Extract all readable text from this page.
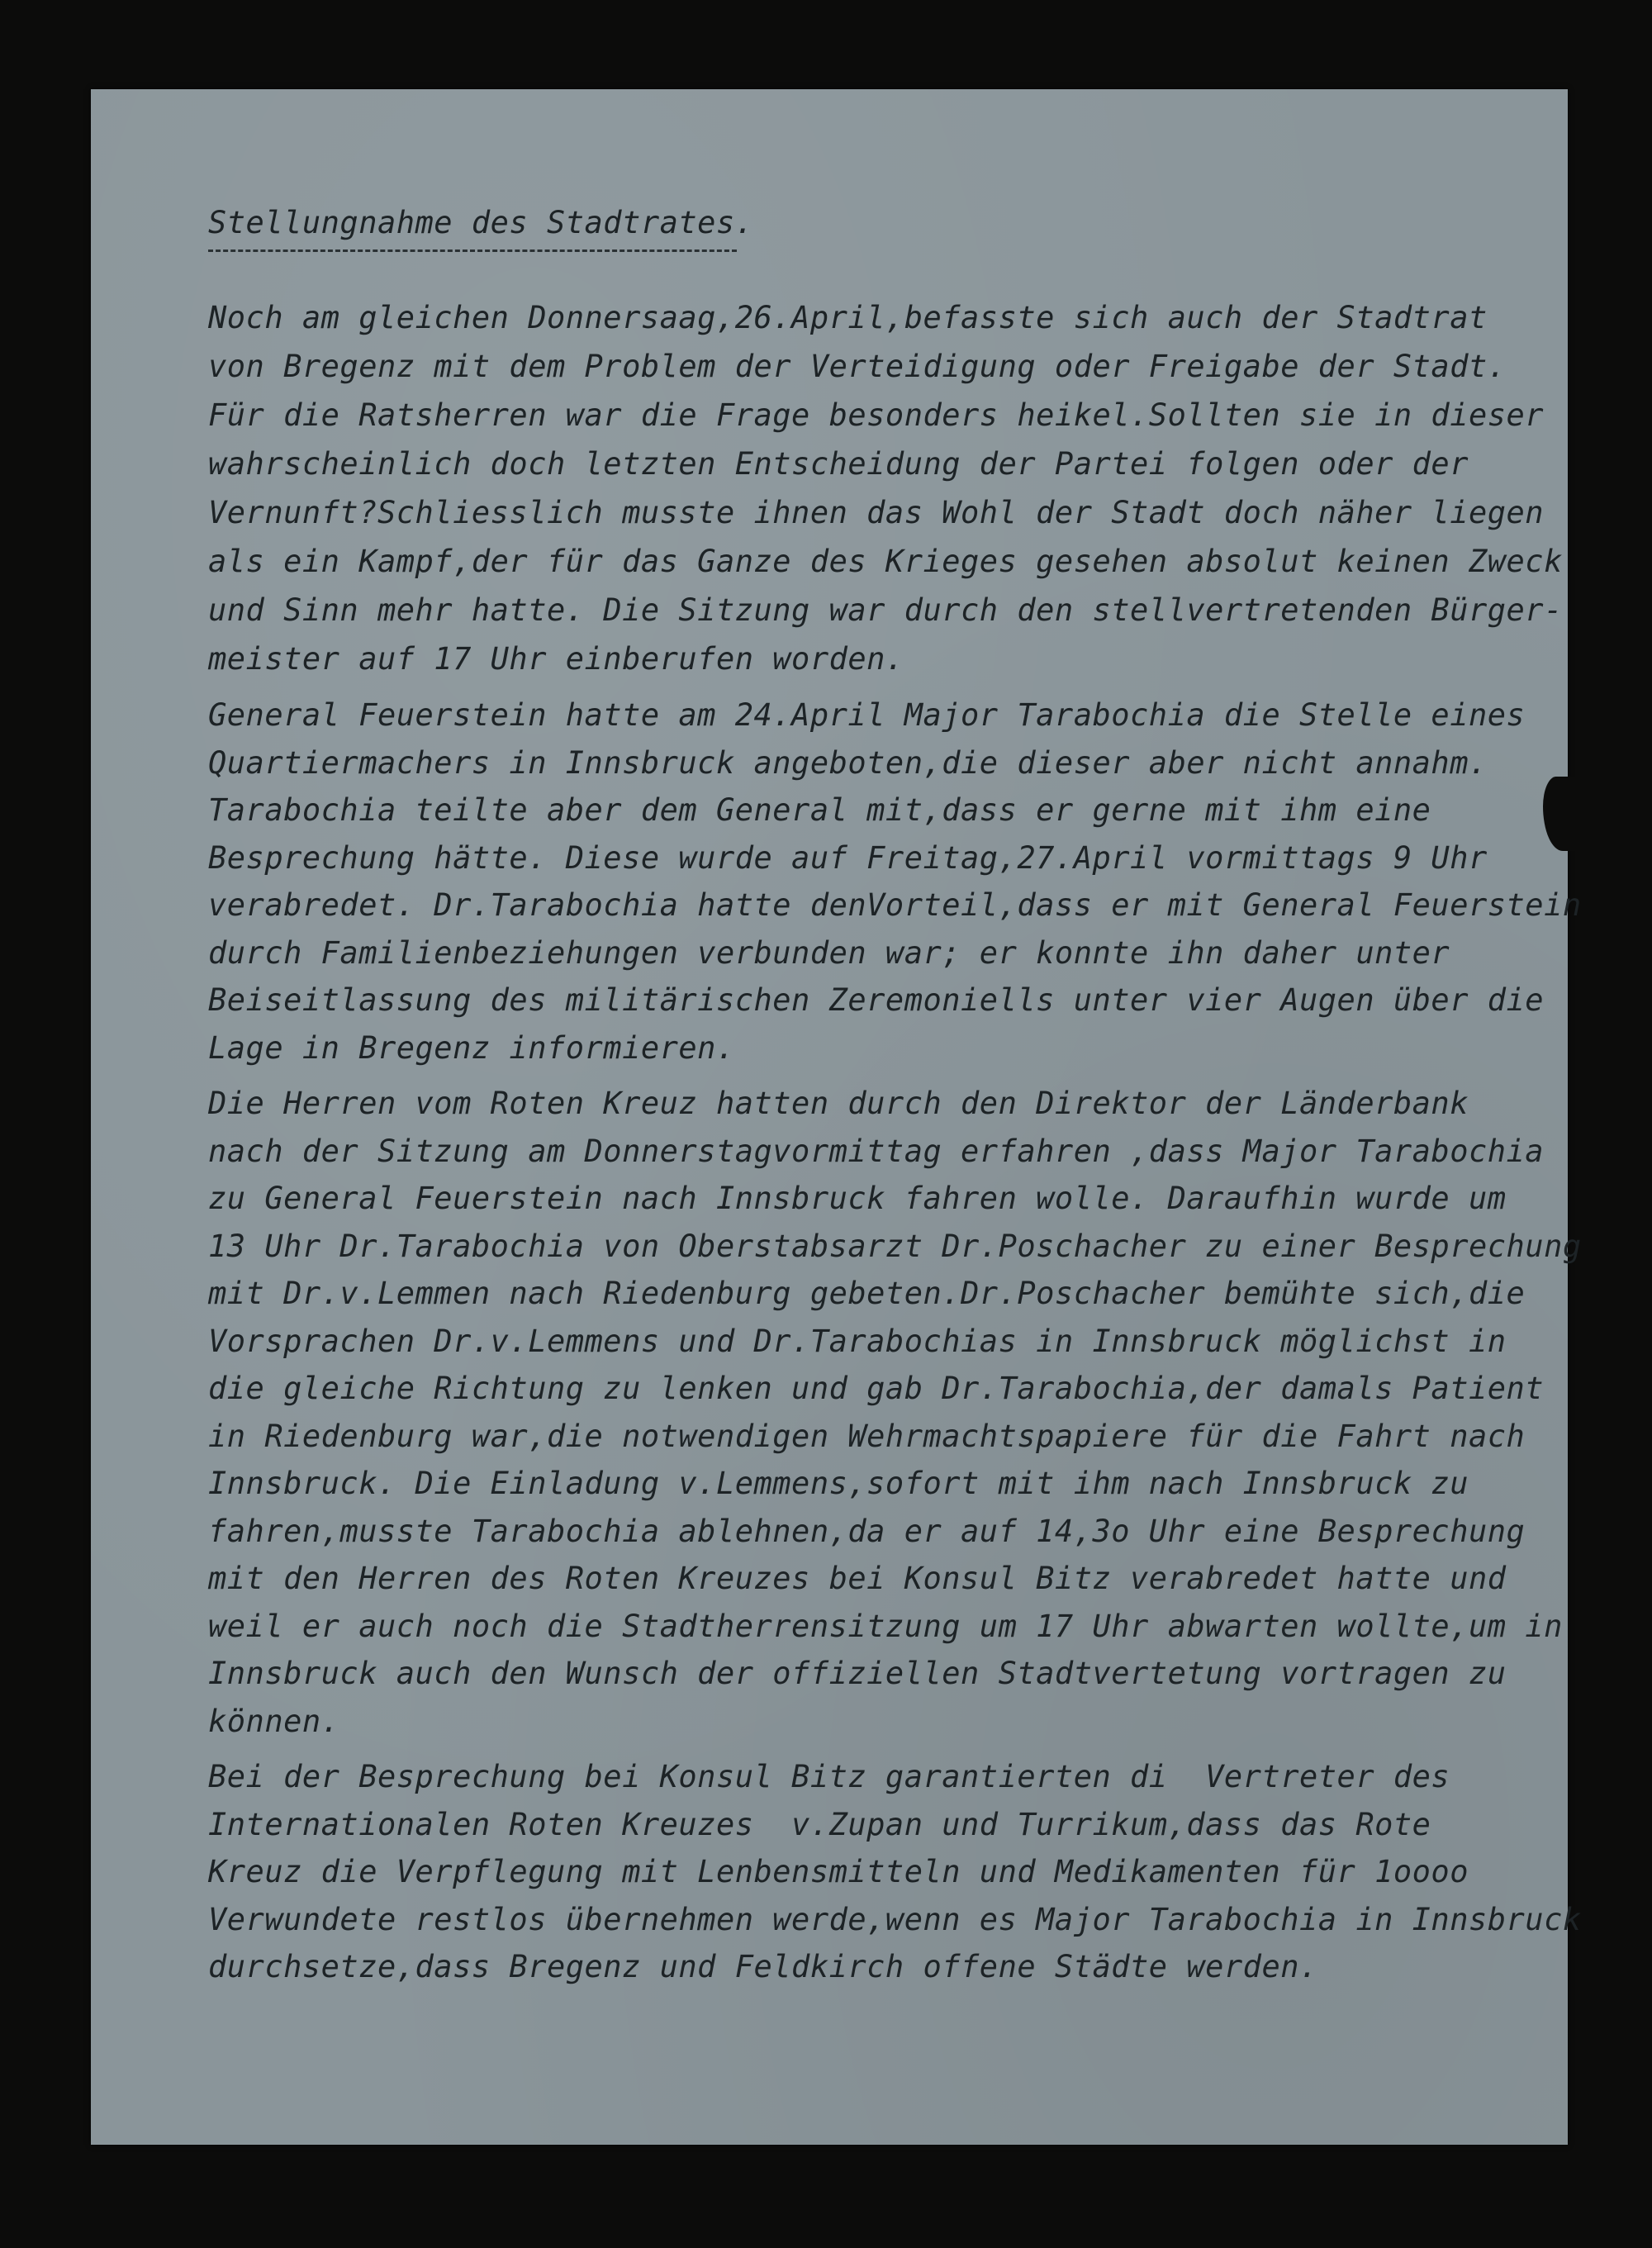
Stellungnahme des Stadtrates.
Noch am gleichen Donnersaag,26.April,befasste sich auch der Stadtrat
von Bregenz mit dem Problem der Verteidigung oder Freigabe der Stadt.
Für die Ratsherren war die Frage besonders heikel.Sollten sie in dieser
wahrscheinlich doch letzten Entscheidung der Partei folgen oder der
Vernunft?Schliesslich musste ihnen das Wohl der Stadt doch näher liegen
als ein Kampf,der für das Ganze des Krieges gesehen absolut keinen Zweck
und Sinn mehr hatte. Die Sitzung war durch den stellvertretenden Bürger-
meister auf 17 Uhr einberufen worden.
General Feuerstein hatte am 24.April Major Tarabochia die Stelle eines
Quartiermachers in Innsbruck angeboten,die dieser aber nicht annahm.
Tarabochia teilte aber dem General mit,dass er gerne mit ihm eine
Besprechung hätte. Diese wurde auf Freitag,27.April vormittags 9 Uhr
verabredet. Dr.Tarabochia hatte denVorteil,dass er mit General Feuerstein
durch Familienbeziehungen verbunden war; er konnte ihn daher unter
Beiseitlassung des militärischen Zeremoniells unter vier Augen über die
Lage in Bregenz informieren.
Die Herren vom Roten Kreuz hatten durch den Direktor der Länderbank
nach der Sitzung am Donnerstagvormittag erfahren ,dass Major Tarabochia
zu General Feuerstein nach Innsbruck fahren wolle. Daraufhin wurde um
13 Uhr Dr.Tarabochia von Oberstabsarzt Dr.Poschacher zu einer Besprechung
mit Dr.v.Lemmen nach Riedenburg gebeten.Dr.Poschacher bemühte sich,die
Vorsprachen Dr.v.Lemmens und Dr.Tarabochias in Innsbruck möglichst in
die gleiche Richtung zu lenken und gab Dr.Tarabochia,der damals Patient
in Riedenburg war,die notwendigen Wehrmachtspapiere für die Fahrt nach
Innsbruck. Die Einladung v.Lemmens,sofort mit ihm nach Innsbruck zu
fahren,musste Tarabochia ablehnen,da er auf 14,3o Uhr eine Besprechung
mit den Herren des Roten Kreuzes bei Konsul Bitz verabredet hatte und
weil er auch noch die Stadtherrensitzung um 17 Uhr abwarten wollte,um in
Innsbruck auch den Wunsch der offiziellen Stadtvertetung vortragen zu
können.
Bei der Besprechung bei Konsul Bitz garantierten di  Vertreter des
Internationalen Roten Kreuzes  v.Zupan und Turrikum,dass das Rote
Kreuz die Verpflegung mit Lenbensmitteln und Medikamenten für 1oooo
Verwundete restlos übernehmen werde,wenn es Major Tarabochia in Innsbruck
durchsetze,dass Bregenz und Feldkirch offene Städte werden.
